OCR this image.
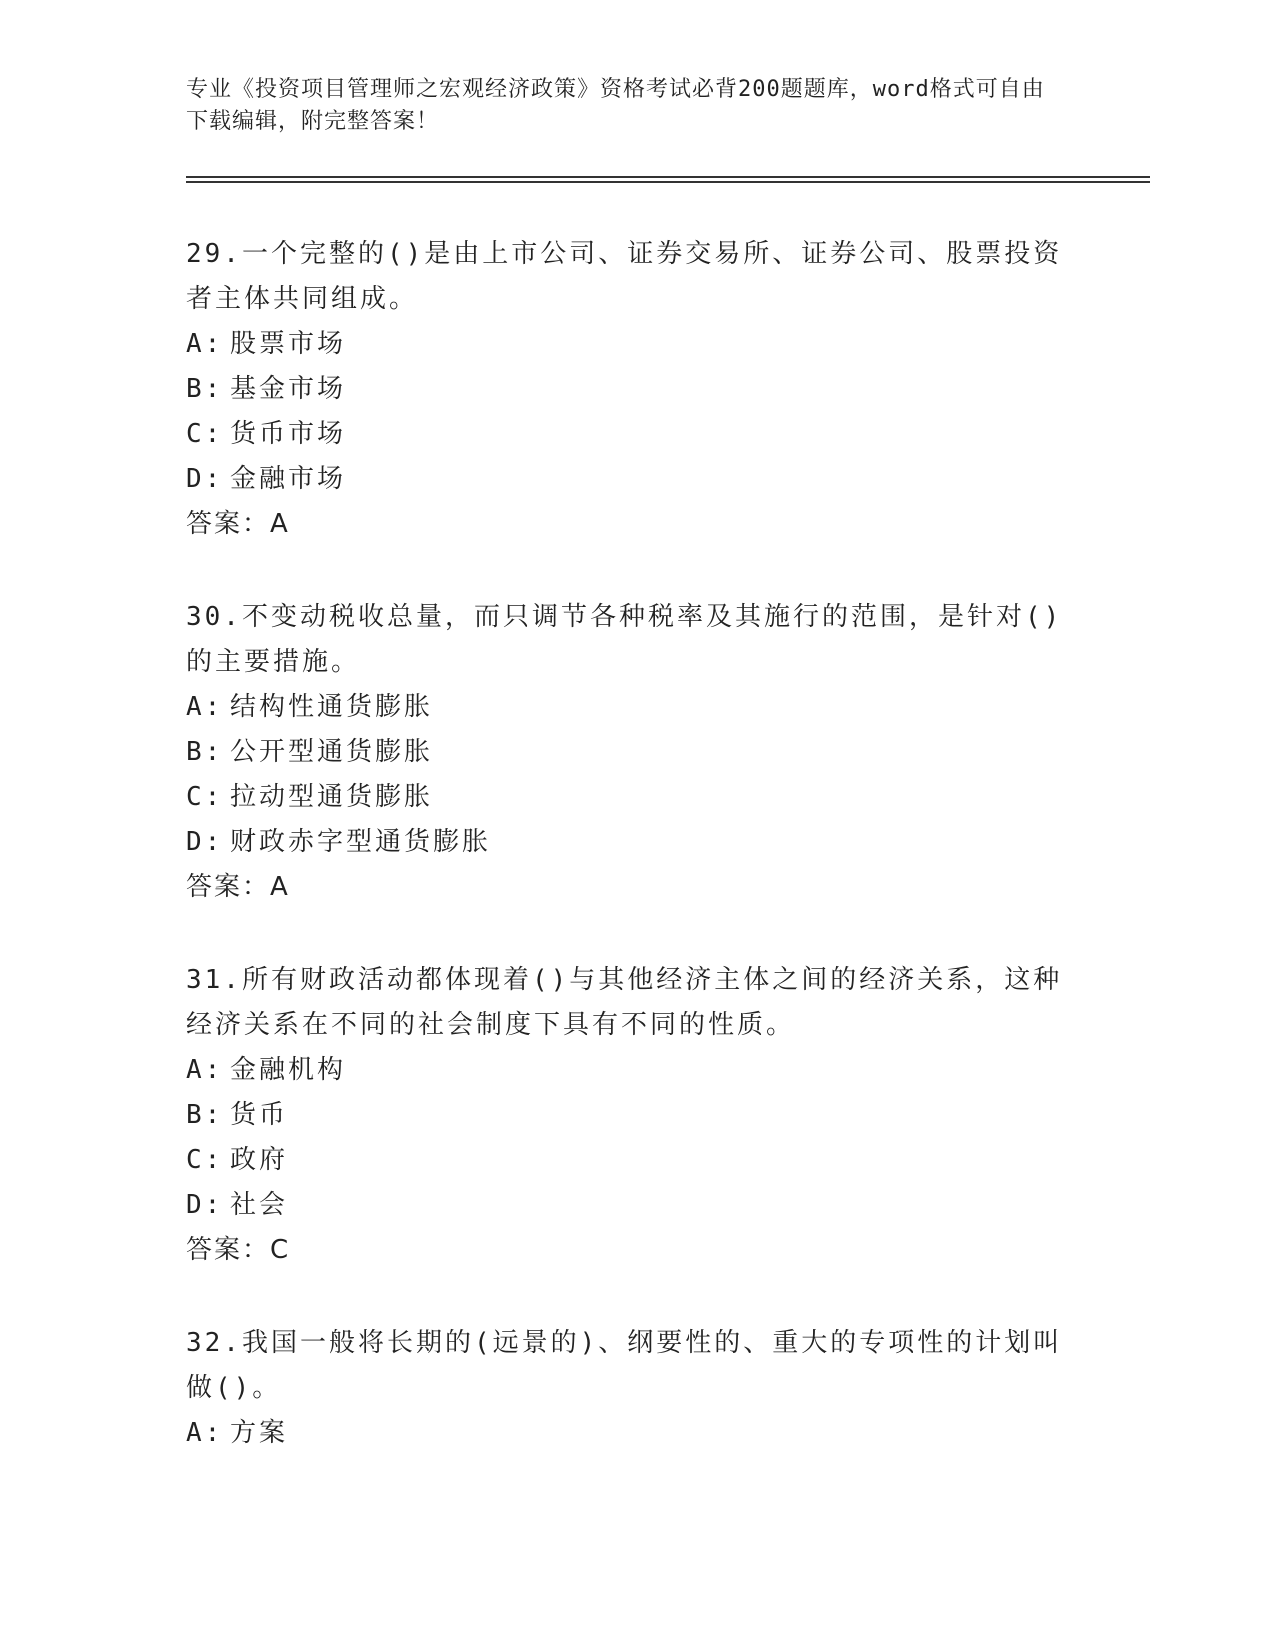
专业《投资项目管理师之宏观经济政策》资格考试必背200题题库，word格式可自由下载编辑，附完整答案！
29.一个完整的()是由上市公司、证券交易所、证券公司、股票投资者主体共同组成。
A: 股票市场
B: 基金市场
C: 货币市场
D: 金融市场
答案：A
30.不变动税收总量，而只调节各种税率及其施行的范围，是针对()的主要措施。
A: 结构性通货膨胀
B: 公开型通货膨胀
C: 拉动型通货膨胀
D: 财政赤字型通货膨胀
答案：A
31.所有财政活动都体现着()与其他经济主体之间的经济关系，这种经济关系在不同的社会制度下具有不同的性质。
A: 金融机构
B: 货币
C: 政府
D: 社会
答案：C
32.我国一般将长期的(远景的)、纲要性的、重大的专项性的计划叫做()。
A: 方案
